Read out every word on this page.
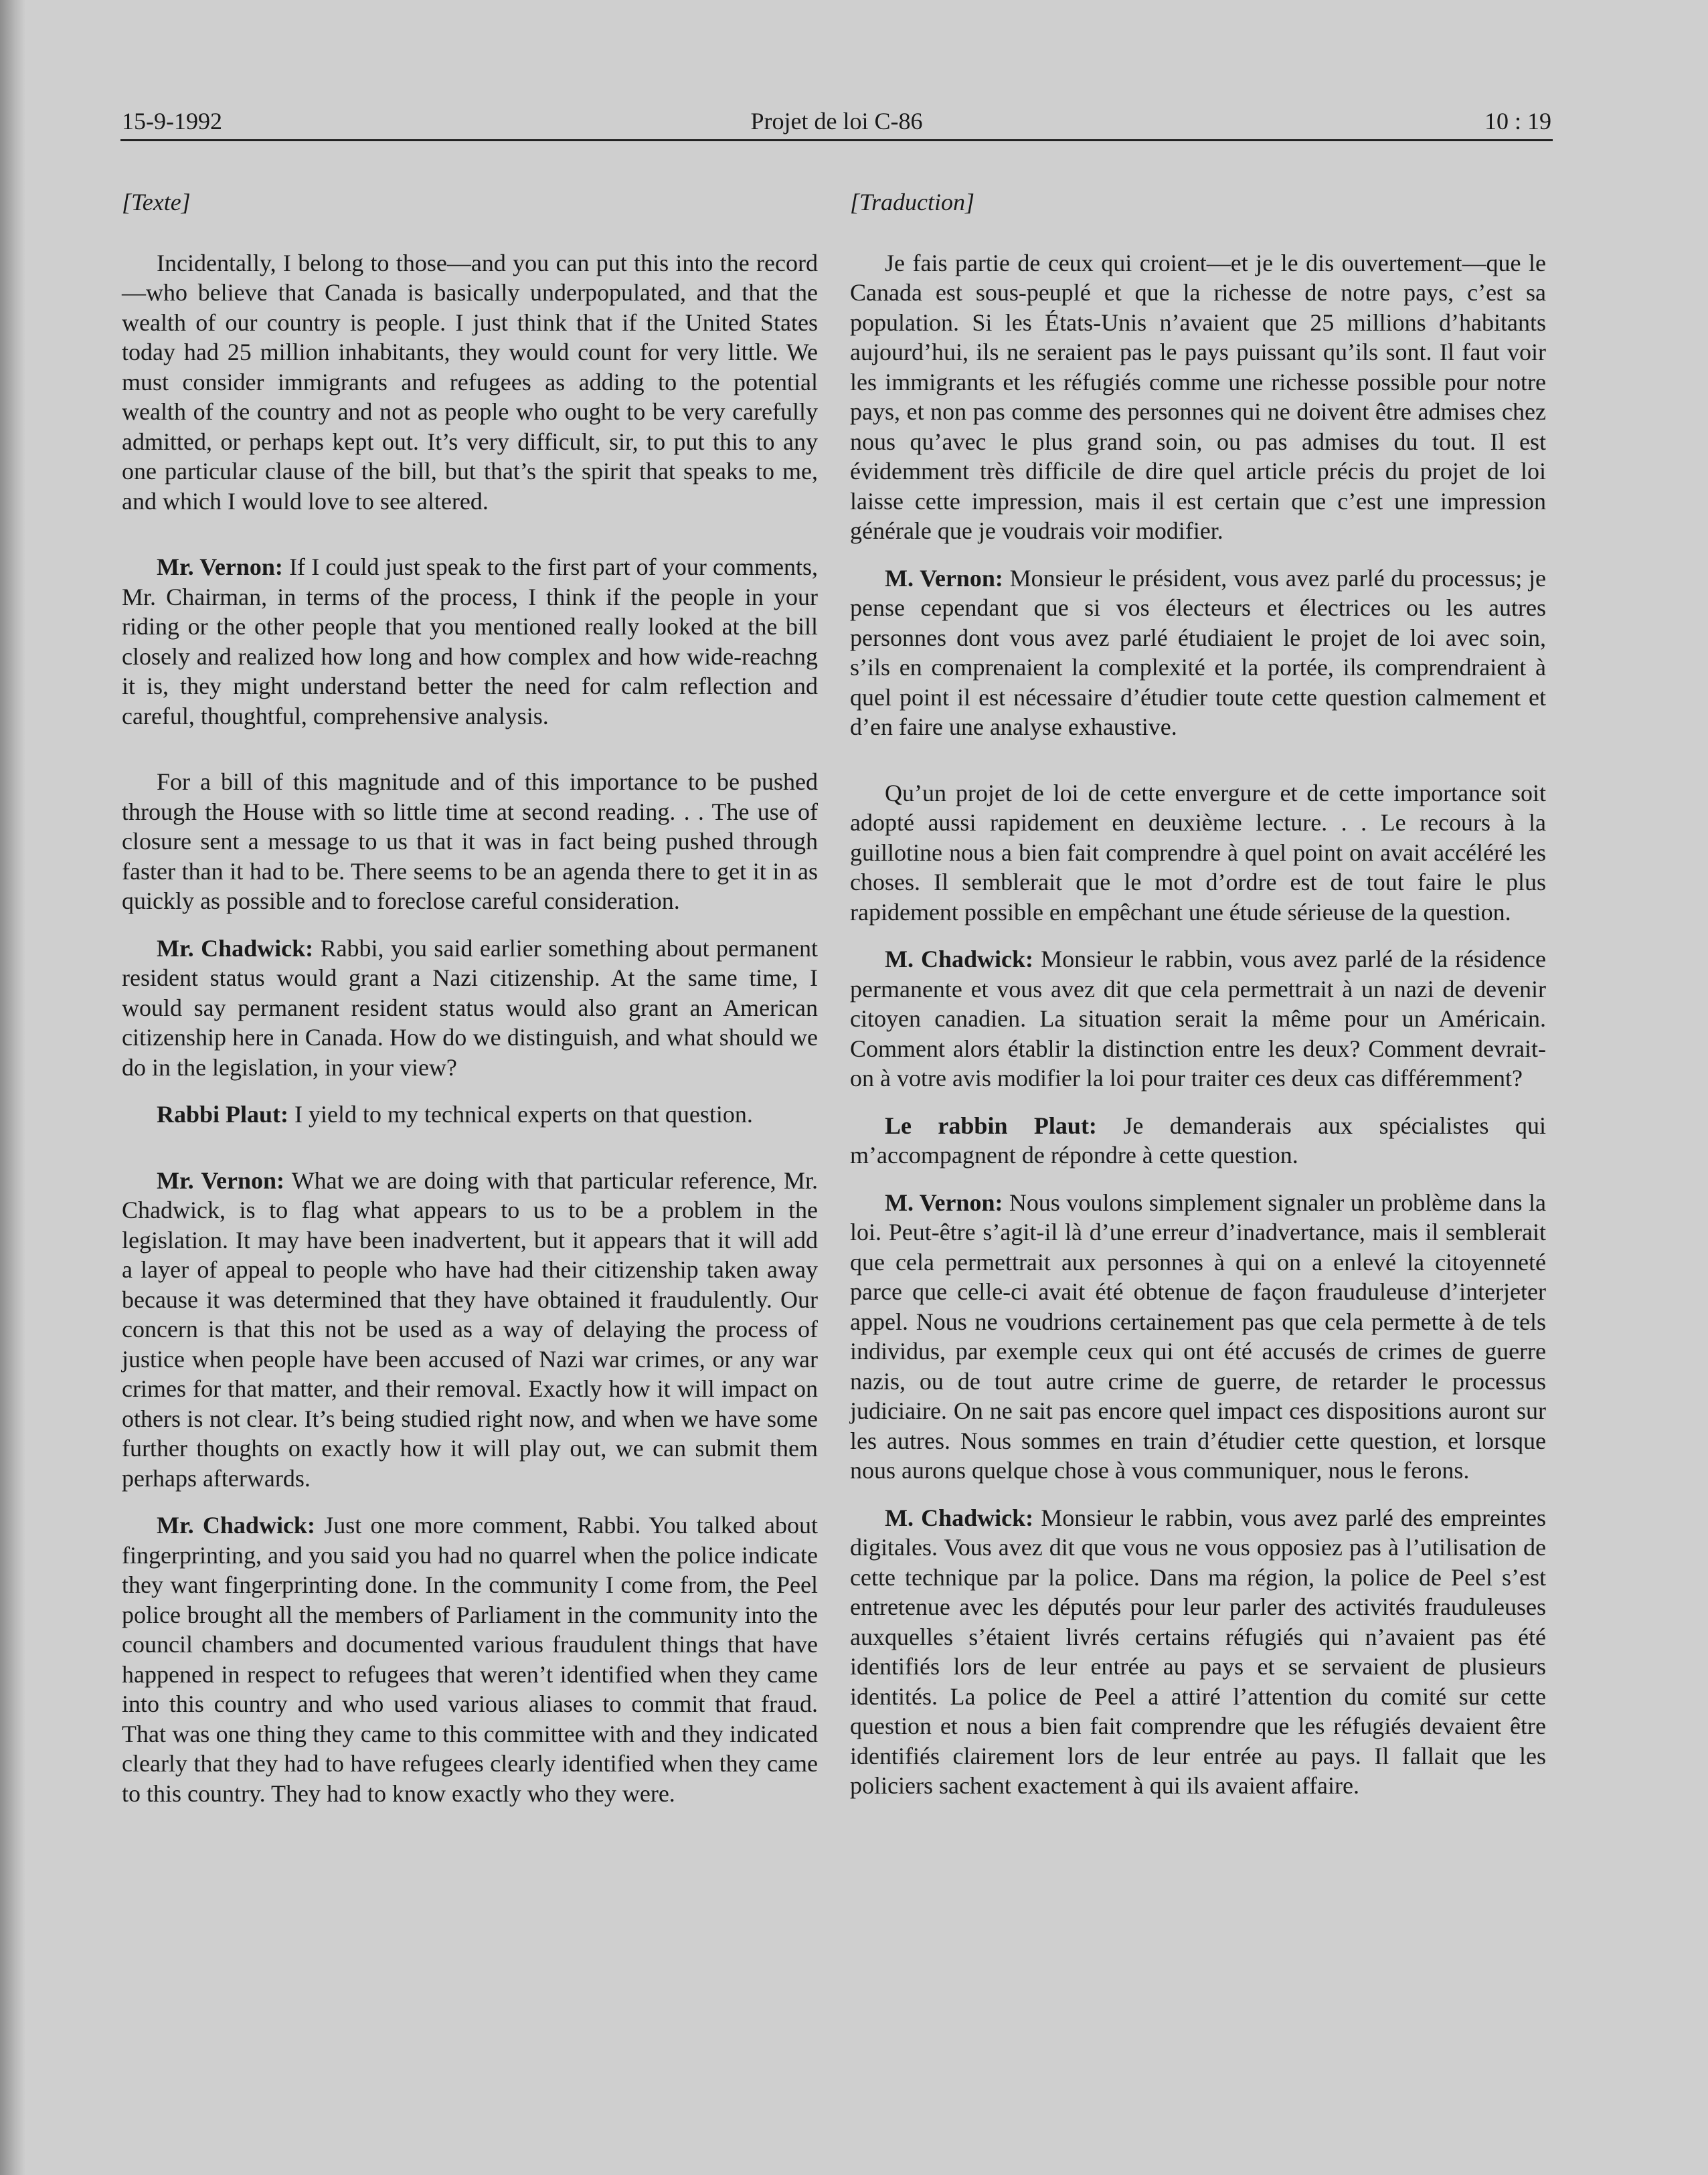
15-9-1992	Projet de loi C-86	10 : 19
[Texte]

Incidentally, I belong to those—and you can put this into the record—who believe that Canada is basically underpopulated, and that the wealth of our country is people. I just think that if the United States today had 25 million inhabitants, they would count for very little. We must consider immigrants and refugees as adding to the potential wealth of the country and not as people who ought to be very carefully admitted, or perhaps kept out. It’s very difficult, sir, to put this to any one particular clause of the bill, but that’s the spirit that speaks to me, and which I would love to see altered.

Mr. Vernon: If I could just speak to the first part of your comments, Mr. Chairman, in terms of the process, I think if the people in your riding or the other people that you mentioned really looked at the bill closely and realized how long and how complex and how wide-reachng it is, they might understand better the need for calm reflection and careful, thoughtful, comprehensive analysis.

For a bill of this magnitude and of this importance to be pushed through the House with so little time at second reading. . . The use of closure sent a message to us that it was in fact being pushed through faster than it had to be. There seems to be an agenda there to get it in as quickly as possible and to foreclose careful consideration.

Mr. Chadwick: Rabbi, you said earlier something about permanent resident status would grant a Nazi citizenship. At the same time, I would say permanent resident status would also grant an American citizenship here in Canada. How do we distinguish, and what should we do in the legislation, in your view?

Rabbi Plaut: I yield to my technical experts on that question.

Mr. Vernon: What we are doing with that particular reference, Mr. Chadwick, is to flag what appears to us to be a problem in the legislation. It may have been inadvertent, but it appears that it will add a layer of appeal to people who have had their citizenship taken away because it was determined that they have obtained it fraudulently. Our concern is that this not be used as a way of delaying the process of justice when people have been accused of Nazi war crimes, or any war crimes for that matter, and their removal. Exactly how it will impact on others is not clear. It’s being studied right now, and when we have some further thoughts on exactly how it will play out, we can submit them perhaps afterwards.

Mr. Chadwick: Just one more comment, Rabbi. You talked about fingerprinting, and you said you had no quarrel when the police indicate they want fingerprinting done. In the community I come from, the Peel police brought all the members of Parliament in the community into the council chambers and documented various fraudulent things that have happened in respect to refugees that weren’t identified when they came into this country and who used various aliases to commit that fraud. That was one thing they came to this committee with and they indicated clearly that they had to have refugees clearly identified when they came to this country. They had to know exactly who they were.

[Traduction]

Je fais partie de ceux qui croient—et je le dis ouvertement—que le Canada est sous-peuplé et que la richesse de notre pays, c’est sa population. Si les États-Unis n’avaient que 25 millions d’habitants aujourd’hui, ils ne seraient pas le pays puissant qu’ils sont. Il faut voir les immigrants et les réfugiés comme une richesse possible pour notre pays, et non pas comme des personnes qui ne doivent être admises chez nous qu’avec le plus grand soin, ou pas admises du tout. Il est évidemment très difficile de dire quel article précis du projet de loi laisse cette impression, mais il est certain que c’est une impression générale que je voudrais voir modifier.

M. Vernon: Monsieur le président, vous avez parlé du processus; je pense cependant que si vos électeurs et électrices ou les autres personnes dont vous avez parlé étudiaient le projet de loi avec soin, s’ils en comprenaient la complexité et la portée, ils comprendraient à quel point il est nécessaire d’étudier toute cette question calmement et d’en faire une analyse exhaustive.

Qu’un projet de loi de cette envergure et de cette importance soit adopté aussi rapidement en deuxième lecture. . . Le recours à la guillotine nous a bien fait comprendre à quel point on avait accéléré les choses. Il semblerait que le mot d’ordre est de tout faire le plus rapidement possible en empêchant une étude sérieuse de la question.

M. Chadwick: Monsieur le rabbin, vous avez parlé de la résidence permanente et vous avez dit que cela permettrait à un nazi de devenir citoyen canadien. La situation serait la même pour un Américain. Comment alors établir la distinction entre les deux? Comment devrait-on à votre avis modifier la loi pour traiter ces deux cas différemment?

Le rabbin Plaut: Je demanderais aux spécialistes qui m’accompagnent de répondre à cette question.

M. Vernon: Nous voulons simplement signaler un problème dans la loi. Peut-être s’agit-il là d’une erreur d’inadvertance, mais il semblerait que cela permettrait aux personnes à qui on a enlevé la citoyenneté parce que celle-ci avait été obtenue de façon frauduleuse d’interjeter appel. Nous ne voudrions certainement pas que cela permette à de tels individus, par exemple ceux qui ont été accusés de crimes de guerre nazis, ou de tout autre crime de guerre, de retarder le processus judiciaire. On ne sait pas encore quel impact ces dispositions auront sur les autres. Nous sommes en train d’étudier cette question, et lorsque nous aurons quelque chose à vous communiquer, nous le ferons.

M. Chadwick: Monsieur le rabbin, vous avez parlé des empreintes digitales. Vous avez dit que vous ne vous opposiez pas à l’utilisation de cette technique par la police. Dans ma région, la police de Peel s’est entretenue avec les députés pour leur parler des activités frauduleuses auxquelles s’étaient livrés certains réfugiés qui n’avaient pas été identifiés lors de leur entrée au pays et se servaient de plusieurs identités. La police de Peel a attiré l’attention du comité sur cette question et nous a bien fait comprendre que les réfugiés devaient être identifiés clairement lors de leur entrée au pays. Il fallait que les policiers sachent exactement à qui ils avaient affaire.
